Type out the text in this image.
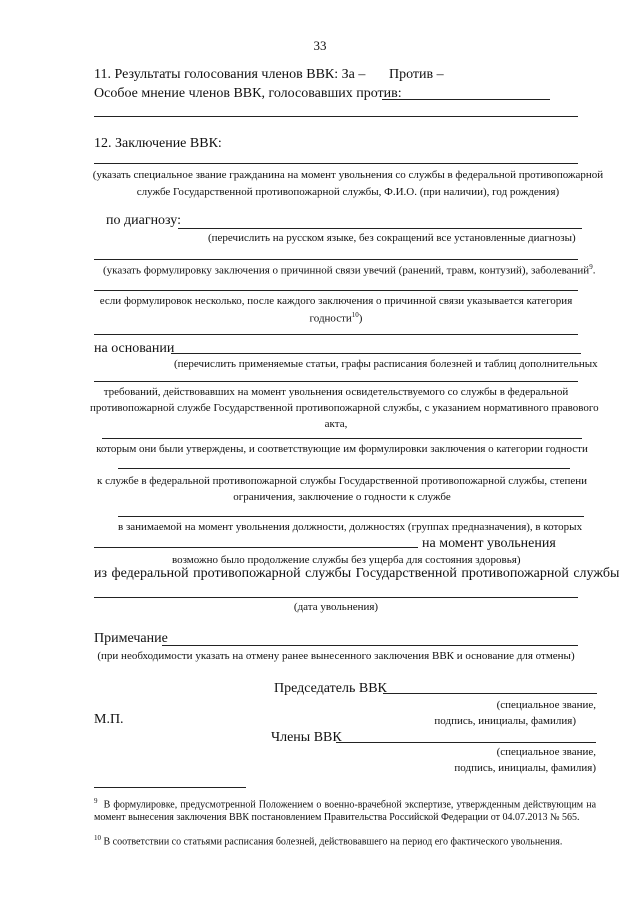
33
11. Результаты голосования членов ВВК: За – Против –
Особое мнение членов ВВК, голосовавших против:
12. Заключение ВВК:
(указать специальное звание гражданина на момент увольнения со службы в федеральной противопожарной
службе Государственной противопожарной службы, Ф.И.О. (при наличии), год рождения)
по диагнозу:
(перечислить на русском языке, без сокращений все установленные диагнозы)
(указать формулировку заключения о причинной связи увечий (ранений, травм, контузий), заболеваний$^9$.
если формулировок несколько, после каждого заключения о причинной связи указывается категория
годности$^{10}$)
на основании
(перечислить применяемые статьи, графы расписания болезней и таблиц дополнительных
требований, действовавших на момент увольнения освидетельствуемого со службы в федеральной
противопожарной службе Государственной противопожарной службы, с указанием нормативного правового
акта,
которым они были утверждены, и соответствующие им формулировки заключения о категории годности
к службе в федеральной противопожарной службы Государственной противопожарной службы, степени
ограничения, заключение о годности к службе
в занимаемой на момент увольнения должности, должностях (группах предназначения), в которых
на момент увольнения
возможно было продолжение службы без ущерба для состояния здоровья)
из федеральной противопожарной службы Государственной противопожарной службы
(дата увольнения)
Примечание
(при необходимости указать на отмену ранее вынесенного заключения ВВК и основание для отмены)
Председатель ВВК
(специальное звание,
подпись, инициалы, фамилия)
М.П.
Члены ВВК
(специальное звание,
подпись, инициалы, фамилия)
$^9$ В формулировке, предусмотренной Положением о военно-врачебной экспертизе, утвержденным действующим на момент вынесения заключения ВВК постановлением Правительства Российской Федерации от 04.07.2013 № 565.
$^{10}$ В соответствии со статьями расписания болезней, действовавшего на период его фактического увольнения.
